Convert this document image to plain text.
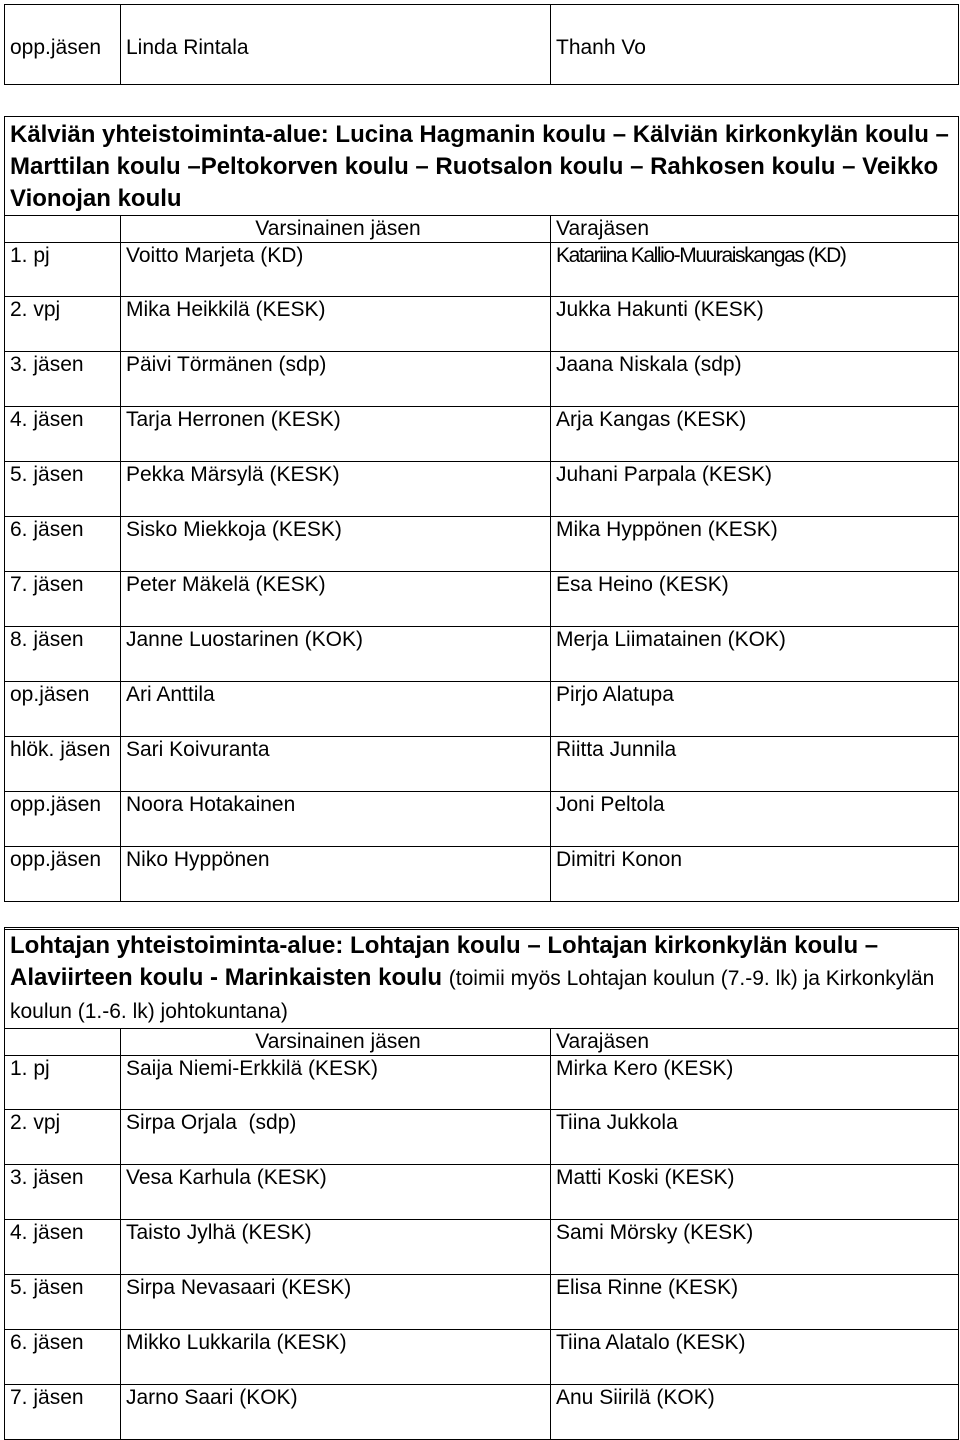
opp.jäsen	Linda Rintala	Thanh Vo
Kälviän yhteistoiminta-alue: Lucina Hagmanin koulu – Kälviän kirkonkylän koulu – Marttilan koulu –Peltokorven koulu – Ruotsalon koulu – Rahkosen koulu – Veikko Vionojan koulu		
	Varsinainen jäsen	Varajäsen
1. pj	Voitto Marjeta (KD)	Katariina Kallio-Muuraiskangas (KD)
2. vpj	Mika Heikkilä (KESK)	Jukka Hakunti (KESK)
3. jäsen	Päivi Törmänen (sdp)	Jaana Niskala (sdp)
4. jäsen	Tarja Herronen (KESK)	Arja Kangas (KESK)
5. jäsen	Pekka Märsylä (KESK)	Juhani Parpala (KESK)
6. jäsen	Sisko Miekkoja (KESK)	Mika Hyppönen (KESK)
7. jäsen	Peter Mäkelä (KESK)	Esa Heino (KESK)
8. jäsen	Janne Luostarinen (KOK)	Merja Liimatainen (KOK)
op.jäsen	Ari Anttila	Pirjo Alatupa
hlök. jäsen	Sari Koivuranta	Riitta Junnila
opp.jäsen	Noora Hotakainen	Joni Peltola
opp.jäsen	Niko Hyppönen	Dimitri Konon

Lohtajan yhteistoiminta-alue: Lohtajan koulu – Lohtajan kirkonkylän koulu – Alaviirteen koulu - Marinkaisten koulu (toimii myös Lohtajan koulun (7.-9. lk) ja Kirkonkylän koulun (1.-6. lk) johtokuntana)		
	Varsinainen jäsen	Varajäsen
1. pj	Saija Niemi-Erkkilä (KESK)	Mirka Kero (KESK)
2. vpj	Sirpa Orjala  (sdp)	Tiina Jukkola
3. jäsen	Vesa Karhula (KESK)	Matti Koski (KESK)
4. jäsen	Taisto Jylhä (KESK)	Sami Mörsky (KESK)
5. jäsen	Sirpa Nevasaari (KESK)	Elisa Rinne (KESK)
6. jäsen	Mikko Lukkarila (KESK)	Tiina Alatalo (KESK)
7. jäsen	Jarno Saari (KOK)	Anu Siirilä (KOK)
